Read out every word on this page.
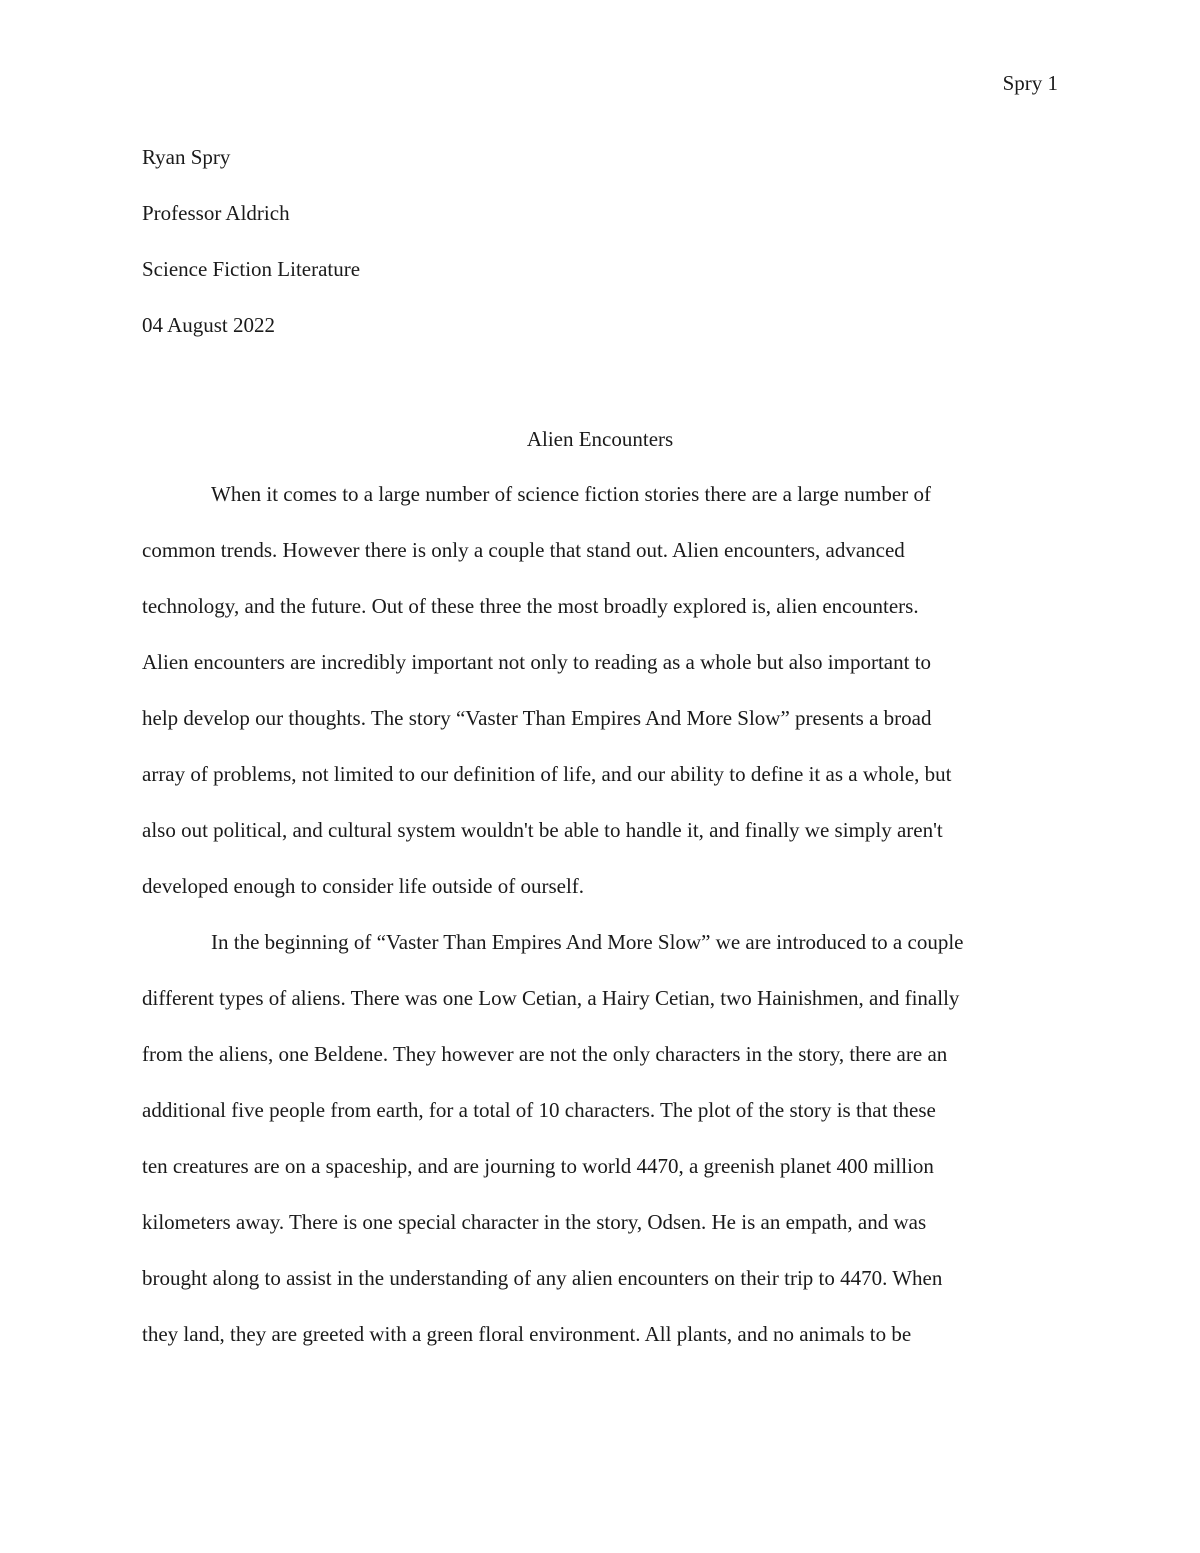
Spry 1
Ryan Spry
Professor Aldrich
Science Fiction Literature
04 August 2022
Alien Encounters
When it comes to a large number of science fiction stories there are a large number of
common trends. However there is only a couple that stand out. Alien encounters, advanced
technology, and the future. Out of these three the most broadly explored is, alien encounters.
Alien encounters are incredibly important not only to reading as a whole but also important to
help develop our thoughts. The story “Vaster Than Empires And More Slow” presents a broad
array of problems, not limited to our definition of life, and our ability to define it as a whole, but
also out political, and cultural system wouldn't be able to handle it, and finally we simply aren't
developed enough to consider life outside of ourself.
In the beginning of “Vaster Than Empires And More Slow” we are introduced to a couple
different types of aliens. There was one Low Cetian, a Hairy Cetian, two Hainishmen, and finally
from the aliens, one Beldene. They however are not the only characters in the story, there are an
additional five people from earth, for a total of 10 characters. The plot of the story is that these
ten creatures are on a spaceship, and are journing to world 4470, a greenish planet 400 million
kilometers away. There is one special character in the story, Odsen. He is an empath, and was
brought along to assist in the understanding of any alien encounters on their trip to 4470. When
they land, they are greeted with a green floral environment. All plants, and no animals to be
